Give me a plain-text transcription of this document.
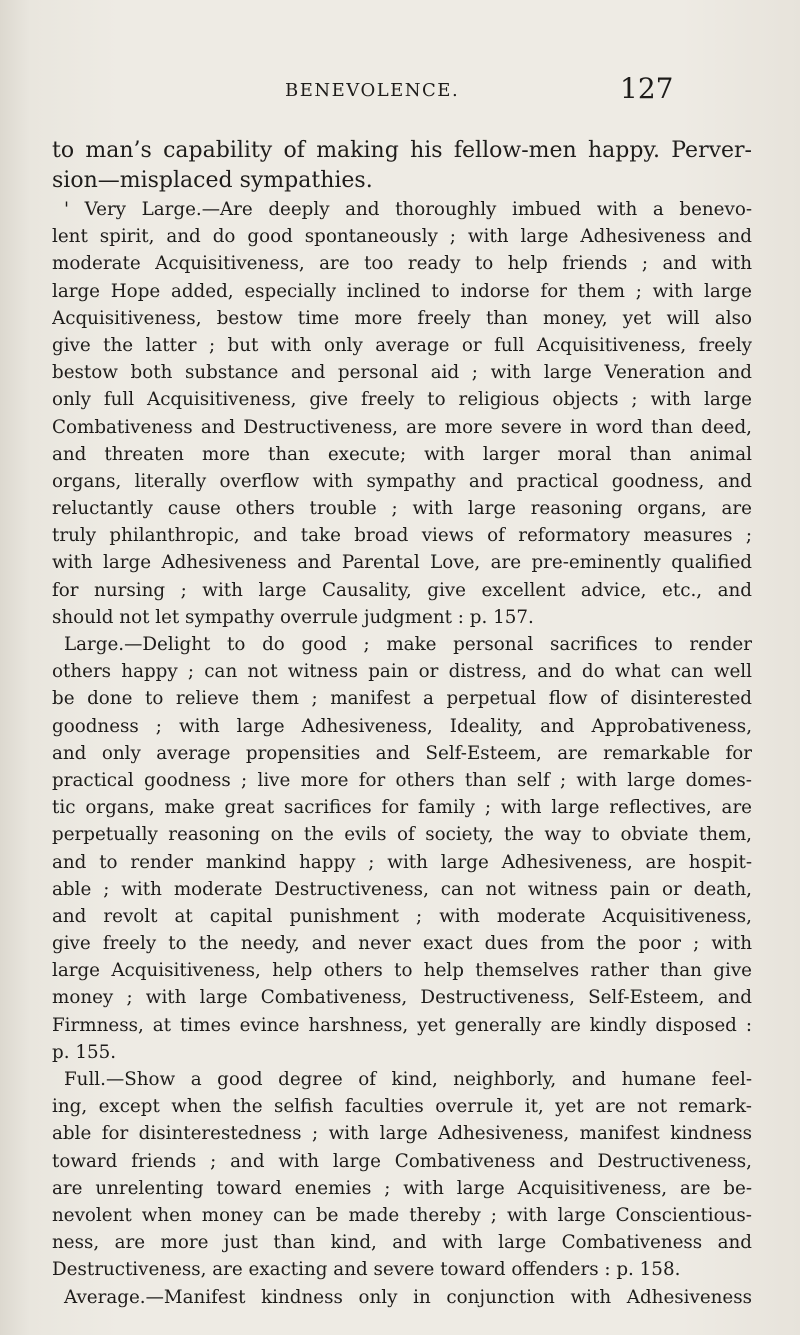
BENEVOLENCE.	127
to man’s capability of making his fellow-men happy. Perver-
sion—misplaced sympathies.
' Very Large.—Are deeply and thoroughly imbued with a benevo-
lent spirit, and do good spontaneously ; with large Adhesiveness and
moderate Acquisitiveness, are too ready to help friends ; and with
large Hope added, especially inclined to indorse for them ; with large
Acquisitiveness, bestow time more freely than money, yet will also
give the latter ; but with only average or full Acquisitiveness, freely
bestow both substance and personal aid ; with large Veneration and
only full Acquisitiveness, give freely to religious objects ; with large
Combativeness and Destructiveness, are more severe in word than deed,
and threaten more than execute; with larger moral than animal
organs, literally overflow with sympathy and practical goodness, and
reluctantly cause others trouble ; with large reasoning organs, are
truly philanthropic, and take broad views of reformatory measures ;
with large Adhesiveness and Parental Love, are pre-eminently qualified
for nursing ; with large Causality, give excellent advice, etc., and
should not let sympathy overrule judgment : p. 157.
Large.—Delight to do good ; make personal sacrifices to render
others happy ; can not witness pain or distress, and do what can well
be done to relieve them ; manifest a perpetual flow of disinterested
goodness ; with large Adhesiveness, Ideality, and Approbativeness,
and only average propensities and Self-Esteem, are remarkable for
practical goodness ; live more for others than self ; with large domes-
tic organs, make great sacrifices for family ; with large reflectives, are
perpetually reasoning on the evils of society, the way to obviate them,
and to render mankind happy ; with large Adhesiveness, are hospit-
able ; with moderate Destructiveness, can not witness pain or death,
and revolt at capital punishment ; with moderate Acquisitiveness,
give freely to the needy, and never exact dues from the poor ; with
large Acquisitiveness, help others to help themselves rather than give
money ; with large Combativeness, Destructiveness, Self-Esteem, and
Firmness, at times evince harshness, yet generally are kindly disposed :
p. 155.
Full.—Show a good degree of kind, neighborly, and humane feel-
ing, except when the selfish faculties overrule it, yet are not remark-
able for disinterestedness ; with large Adhesiveness, manifest kindness
toward friends ; and with large Combativeness and Destructiveness,
are unrelenting toward enemies ; with large Acquisitiveness, are be-
nevolent when money can be made thereby ; with large Conscientious-
ness, are more just than kind, and with large Combativeness and
Destructiveness, are exacting and severe toward offenders : p. 158.
Average.—Manifest kindness only in conjunction with Adhesiveness
